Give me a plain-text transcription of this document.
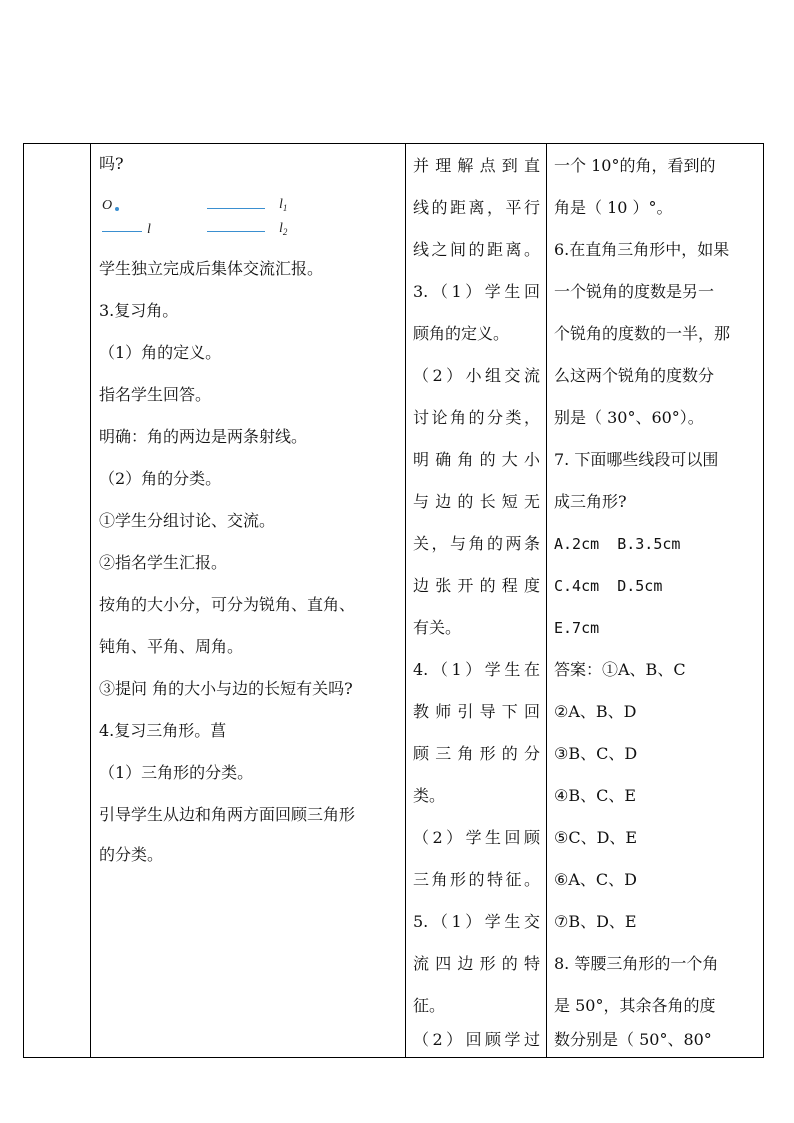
吗?
O	$l_1$
l	$l_2$
学生独立完成后集体交流汇报。
3.复习角。
（1）角的定义。
指名学生回答。
明确：角的两边是两条射线。
（2）角的分类。
①学生分组讨论、交流。
②指名学生汇报。
按角的大小分，可分为锐角、直角、
钝角、平角、周角。
③提问 角的大小与边的长短有关吗?
4.复习三角形。菖
（1）三角形的分类。
引导学生从边和角两方面回顾三角形
的分类。
并理解点到直
线的距离，平行
线之间的距离。
3.（1）学生回
顾角的定义。
（2）小组交流
讨论角的分类，
明确角的大小
与边的长短无
关，与角的两条
边张开的程度
有关。
4.（1）学生在
教师引导下回
顾三角形的分
类。
（2）学生回顾
三角形的特征。
5.（1）学生交
流四边形的特
征。
（2）回顾学过
一个 10°的角，看到的
角是（ 10 ）°。
6.在直角三角形中，如果
一个锐角的度数是另一
个锐角的度数的一半，那
么这两个锐角的度数分
别是（ 30°、60°）。
7. 下面哪些线段可以围
成三角形?
A.2cm  B.3.5cm
C.4cm  D.5cm
E.7cm
答案：①A、B、C
②A、B、D
③B、C、D
④B、C、E
⑤C、D、E
⑥A、C、D
⑦B、D、E
8. 等腰三角形的一个角
是 50°，其余各角的度
数分别是（ 50°、80°
